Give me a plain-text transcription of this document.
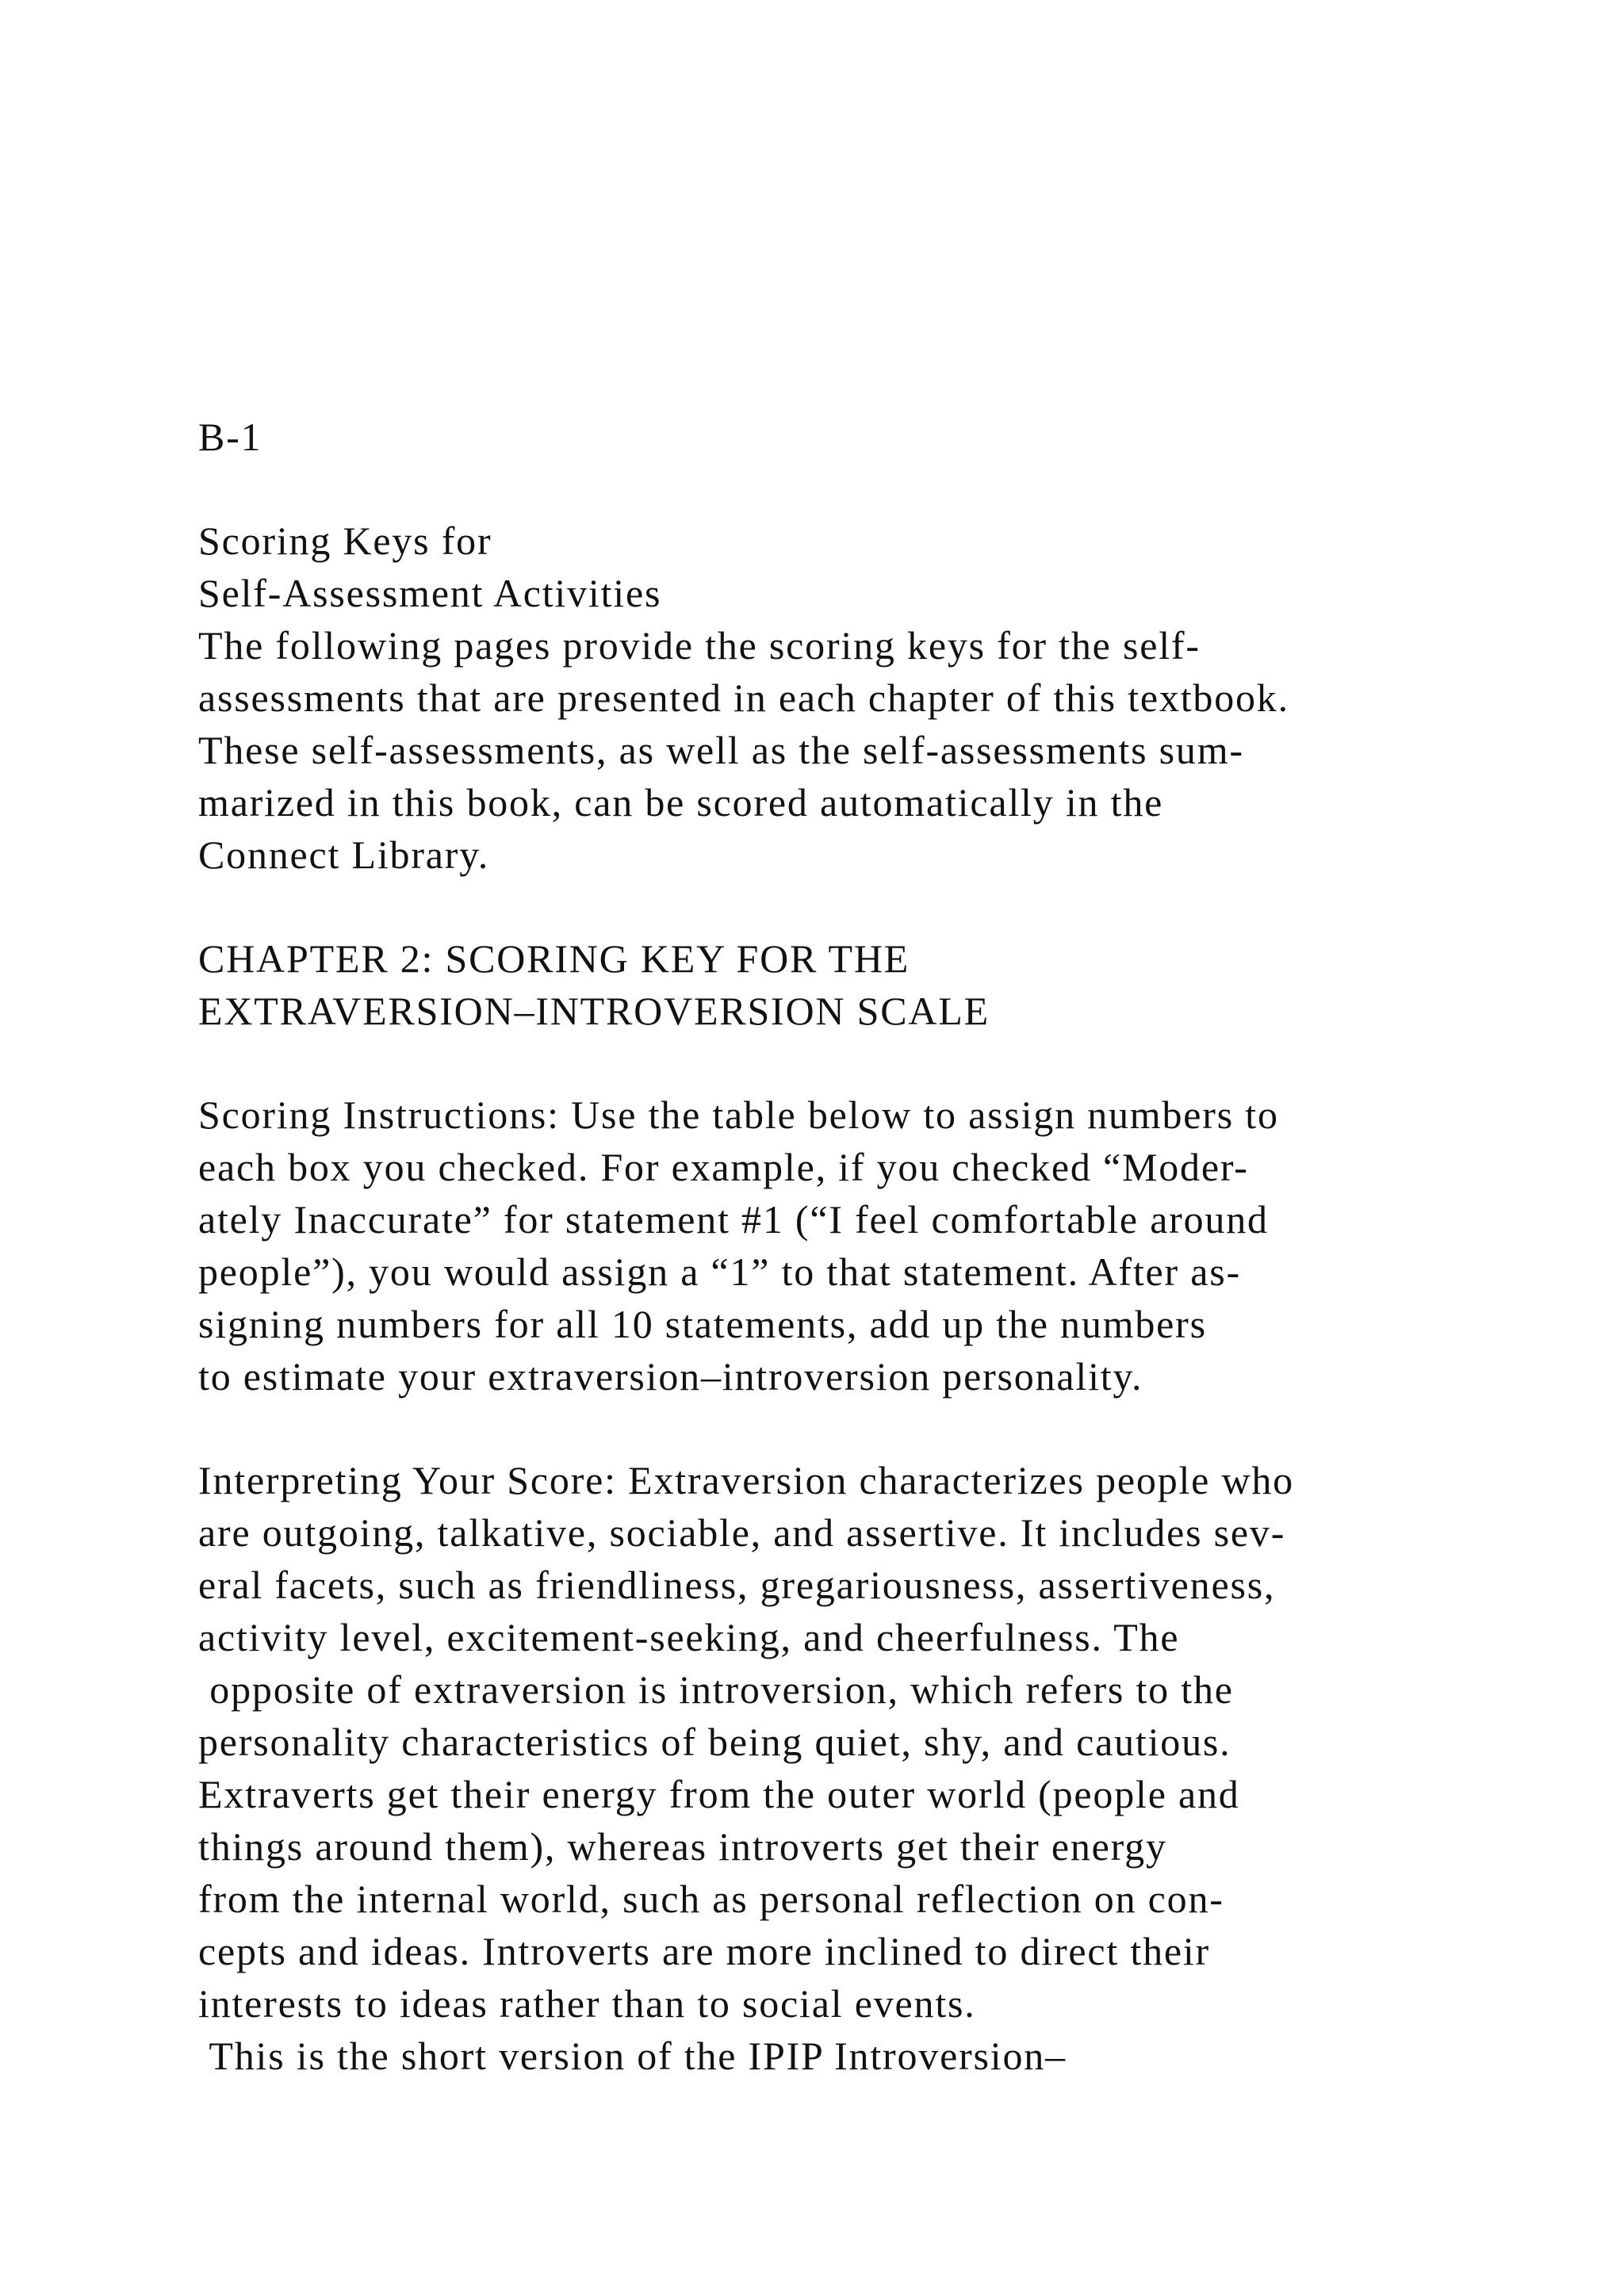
B-1
Scoring Keys for
Self-Assessment Activities
The following pages provide the scoring keys for the self-
assessments that are presented in each chapter of this textbook.
These self-assessments, as well as the self-assessments sum-
marized in this book, can be scored automatically in the
Connect Library.
CHAPTER 2: SCORING KEY FOR THE
EXTRAVERSION–INTROVERSION SCALE
Scoring Instructions: Use the table below to assign numbers to
each box you checked. For example, if you checked “Moder-
ately Inaccurate” for statement #1 (“I feel comfortable around
people”), you would assign a “1” to that statement. After as-
signing numbers for all 10 statements, add up the numbers
to estimate your extraversion–introversion personality.
Interpreting Your Score: Extraversion characterizes people who
are outgoing, talkative, sociable, and assertive. It includes sev-
eral facets, such as friendliness, gregariousness, assertiveness,
activity level, excitement-seeking, and cheerfulness. The
opposite of extraversion is introversion, which refers to the
personality characteristics of being quiet, shy, and cautious.
Extraverts get their energy from the outer world (people and
things around them), whereas introverts get their energy
from the internal world, such as personal reflection on con-
cepts and ideas. Introverts are more inclined to direct their
interests to ideas rather than to social events.
This is the short version of the IPIP Introversion–
